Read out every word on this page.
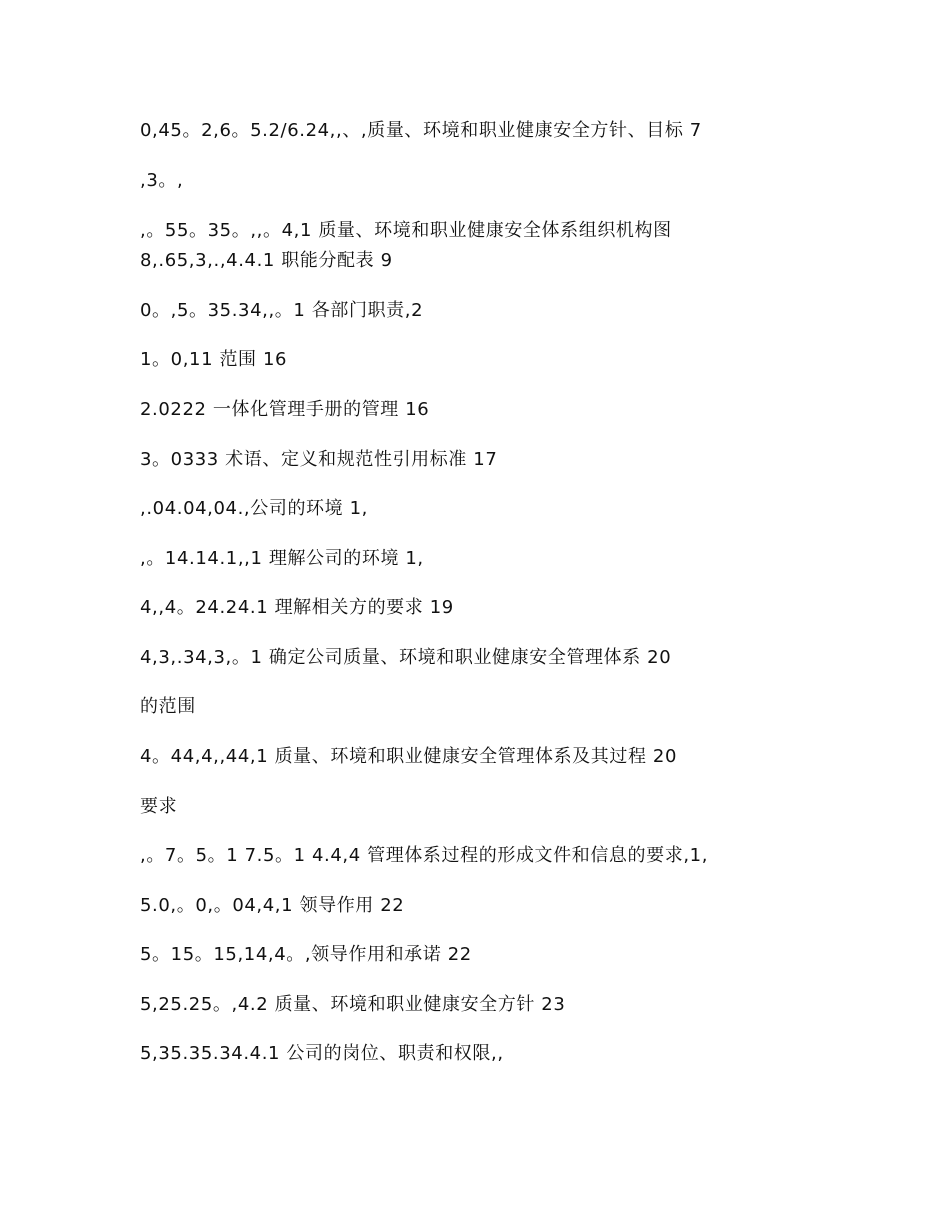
0,45。2,6。5.2/6.24,,、,质量、环境和职业健康安全方针、目标 7
,3。,
,。55。35。,,。4,1 质量、环境和职业健康安全体系组织机构图
8,.65,3,.,4.4.1 职能分配表 9
0。,5。35.34,,。1 各部门职责,2
1。0,11 范围 16
2.0222 一体化管理手册的管理 16
3。0333 术语、定义和规范性引用标准 17
,.04.04,04.,公司的环境 1,
,。14.14.1,,1 理解公司的环境 1,
4,,4。24.24.1 理解相关方的要求 19
4,3,.34,3,。1 确定公司质量、环境和职业健康安全管理体系 20
的范围
4。44,4,,44,1 质量、环境和职业健康安全管理体系及其过程 20
要求
,。7。5。1 7.5。1 4.4,4 管理体系过程的形成文件和信息的要求,1,
5.0,。0,。04,4,1 领导作用 22
5。15。15,14,4。,领导作用和承诺 22
5,25.25。,4.2 质量、环境和职业健康安全方针 23
5,35.35.34.4.1 公司的岗位、职责和权限,,
